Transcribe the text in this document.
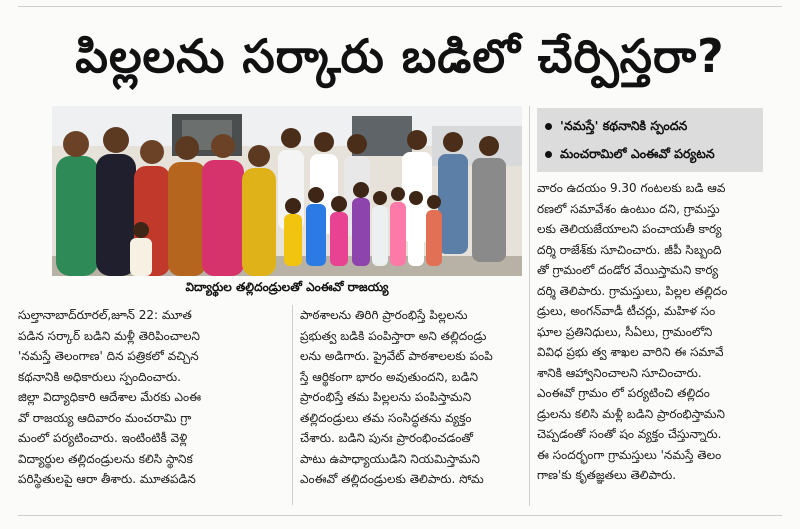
పిల్లలను సర్కారు బడిలో చేర్పిస్తరా?
విద్యార్థుల తల్లిదండ్రులతో ఎంఈవో రాజయ్య
'నమస్తే' కథనానికి స్పందన
మంచరామిలో ఎంఈవో పర్యటన

సుల్తానాబాద్‌రూరల్‌,జూన్‌ 22: మూత

పడిన సర్కార్‌ బడిని మళ్లీ తెరిపించాలని

'నమస్తే తెలంగాణ' దిన పత్రికలో వచ్చిన

కథనానికి అధికారులు స్పందించారు.

జిల్లా విద్యాధికారి ఆదేశాల మేరకు ఎంఈ

వో రాజయ్య ఆదివారం మంచరామి గ్రా

మంలో పర్యటించారు. ఇంటింటికీ వెళ్లి

విద్యార్థుల తల్లిదండ్రులను కలిసి స్థానిక

పరిస్థితులపై ఆరా తీశారు. మూతపడిన

పాఠశాలను తిరిగి ప్రారంభిస్తే పిల్లలను

ప్రభుత్వ బడికి పంపిస్తారా అని తల్లిదండ్రు

లను అడిగారు. ప్రైవేట్‌ పాఠశాలలకు పంపి

స్తే ఆర్థికంగా భారం అవుతుందని, బడిని

ప్రారంభిస్తే తమ పిల్లలను పంపిస్తామని

తల్లిదండ్రులు తమ సంసిద్ధతను వ్యక్తం

చేశారు. బడిని పునః ప్రారంభించడంతో

పాటు ఉపాధ్యాయుడిని నియమిస్తామని

ఎంఈవో తల్లిదండ్రులకు తెలిపారు. సోమ

వారం ఉదయం 9.30 గంటలకు బడి ఆవ

రణలో సమావేశం ఉంటుం దని, గ్రామస్తు

లకు తెలియజేయాలని పంచాయతీ కార్య

దర్శి రాజేశ్‌కు సూచించారు. జీపీ సిబ్బంది

తో గ్రామంలో దండోర వేయిస్తామని కార్య

దర్శి తెలిపారు. గ్రామస్తులు, పిల్లల తల్లిదం

డ్రులు, అంగన్‌వాడీ టీచర్లు, మహిళ సం

ఘాల ప్రతినిధులు, సీఏలు, గ్రామంలోని

వివిధ ప్రభు త్వ శాఖల వారిని ఈ సమావే

శానికి ఆహ్వానించాలని సూచించారు.

ఎంఈవో గ్రామం లో పర్యటించి తల్లిదం

డ్రులను కలిసి మళ్లీ బడిని ప్రారంభిస్తామని

చెప్పడంతో సంతో షం వ్యక్తం చేస్తున్నారు.

ఈ సందర్భంగా గ్రామస్తులు 'నమస్తే తెలం

గాణ'కు కృతజ్ఞతలు తెలిపారు.
